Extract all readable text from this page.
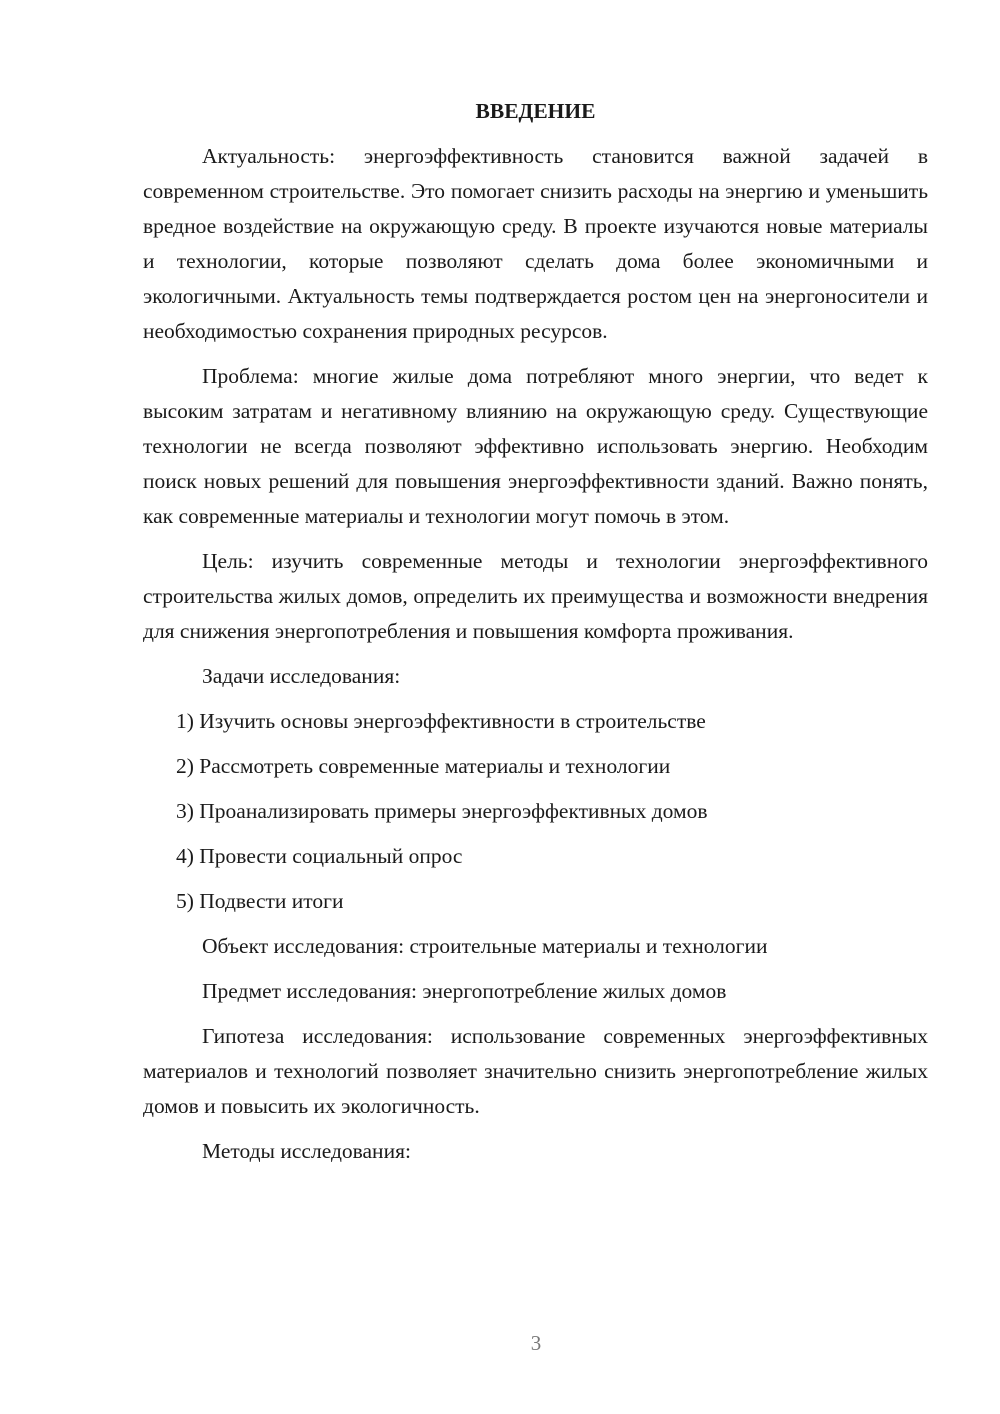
ВВЕДЕНИЕ

Актуальность: энергоэффективность становится важной задачей в современном строительстве. Это помогает снизить расходы на энергию и уменьшить вредное воздействие на окружающую среду. В проекте изучаются новые материалы и технологии, которые позволяют сделать дома более экономичными и экологичными. Актуальность темы подтверждается ростом цен на энергоносители и необходимостью сохранения природных ресурсов.

Проблема: многие жилые дома потребляют много энергии, что ведет к высоким затратам и негативному влиянию на окружающую среду. Существующие технологии не всегда позволяют эффективно использовать энергию. Необходим поиск новых решений для повышения энергоэффективности зданий. Важно понять, как современные материалы и технологии могут помочь в этом.

Цель: изучить современные методы и технологии энергоэффективного строительства жилых домов, определить их преимущества и возможности внедрения для снижения энергопотребления и повышения комфорта проживания.

Задачи исследования:

1) Изучить основы энергоэффективности в строительстве
2) Рассмотреть современные материалы и технологии
3) Проанализировать примеры энергоэффективных домов
4) Провести социальный опрос
5) Подвести итоги

Объект исследования: строительные материалы и технологии

Предмет исследования: энергопотребление жилых домов

Гипотеза исследования: использование современных энергоэффективных материалов и технологий позволяет значительно снизить энергопотребление жилых домов и повысить их экологичность.

Методы исследования:

3
